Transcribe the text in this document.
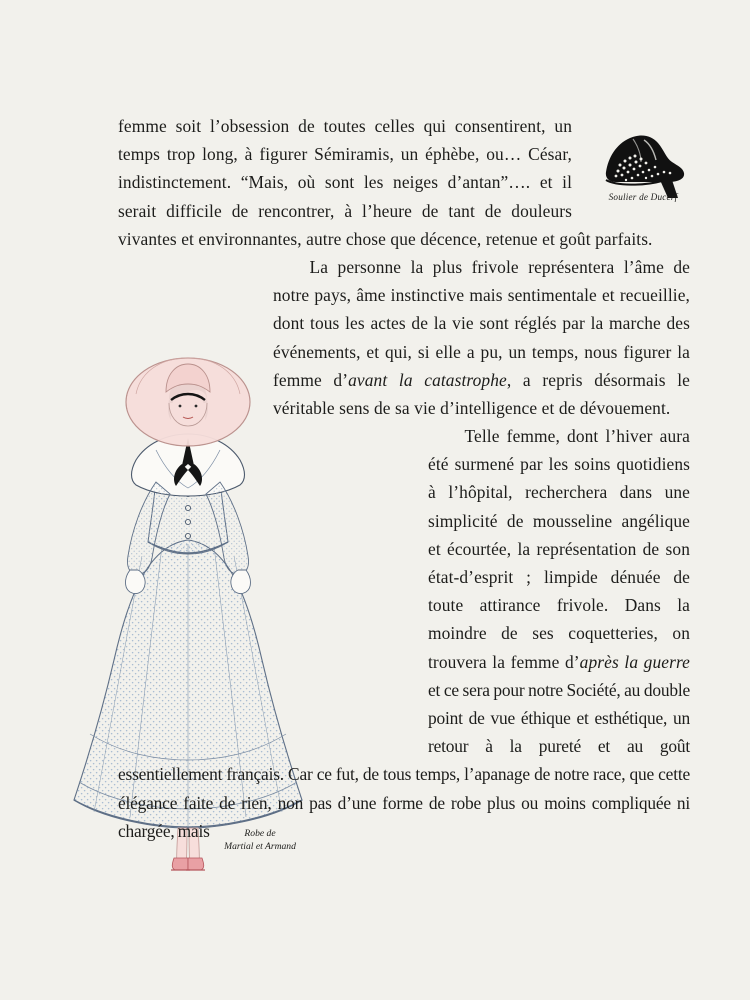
Soulier de Ducerf
Robe de
Martial et Armand

femme soit l’obsession de toutes celles qui consentirent, un temps trop long, à figurer Sémiramis, un éphèbe, ou… César, indistinctement. “Mais, où sont les neiges d’antan”…. et il serait difficile de rencontrer, à l’heure de tant de douleurs vivantes et environnantes, autre chose que décence, retenue et goût parfaits.

La personne la plus frivole représentera l’âme de notre pays, âme instinctive mais sentimentale et recueillie, dont tous les actes de la vie sont réglés par la marche des événements, et qui, si elle a pu, un temps, nous figurer la femme d’avant la catastrophe, a repris désormais le véritable sens de sa vie d’intelligence et de dévouement.

Telle femme, dont l’hiver aura été surmené par les soins quotidiens à l’hôpital, recherchera dans une simplicité de mousseline angélique et écourtée, la représentation de son état-d’esprit ; limpide dénuée de toute attirance frivole. Dans la moindre de ses coquetteries, on trouvera la femme d’après la guerre et ce sera pour notre Société, au double point de vue éthique et esthétique, un retour à la pureté et au goût essentiellement français. Car ce fut, de tous temps, l’apanage de notre race, que cette élégance faite de rien, non pas d’une forme de robe plus ou moins compliquée ni chargée, mais
